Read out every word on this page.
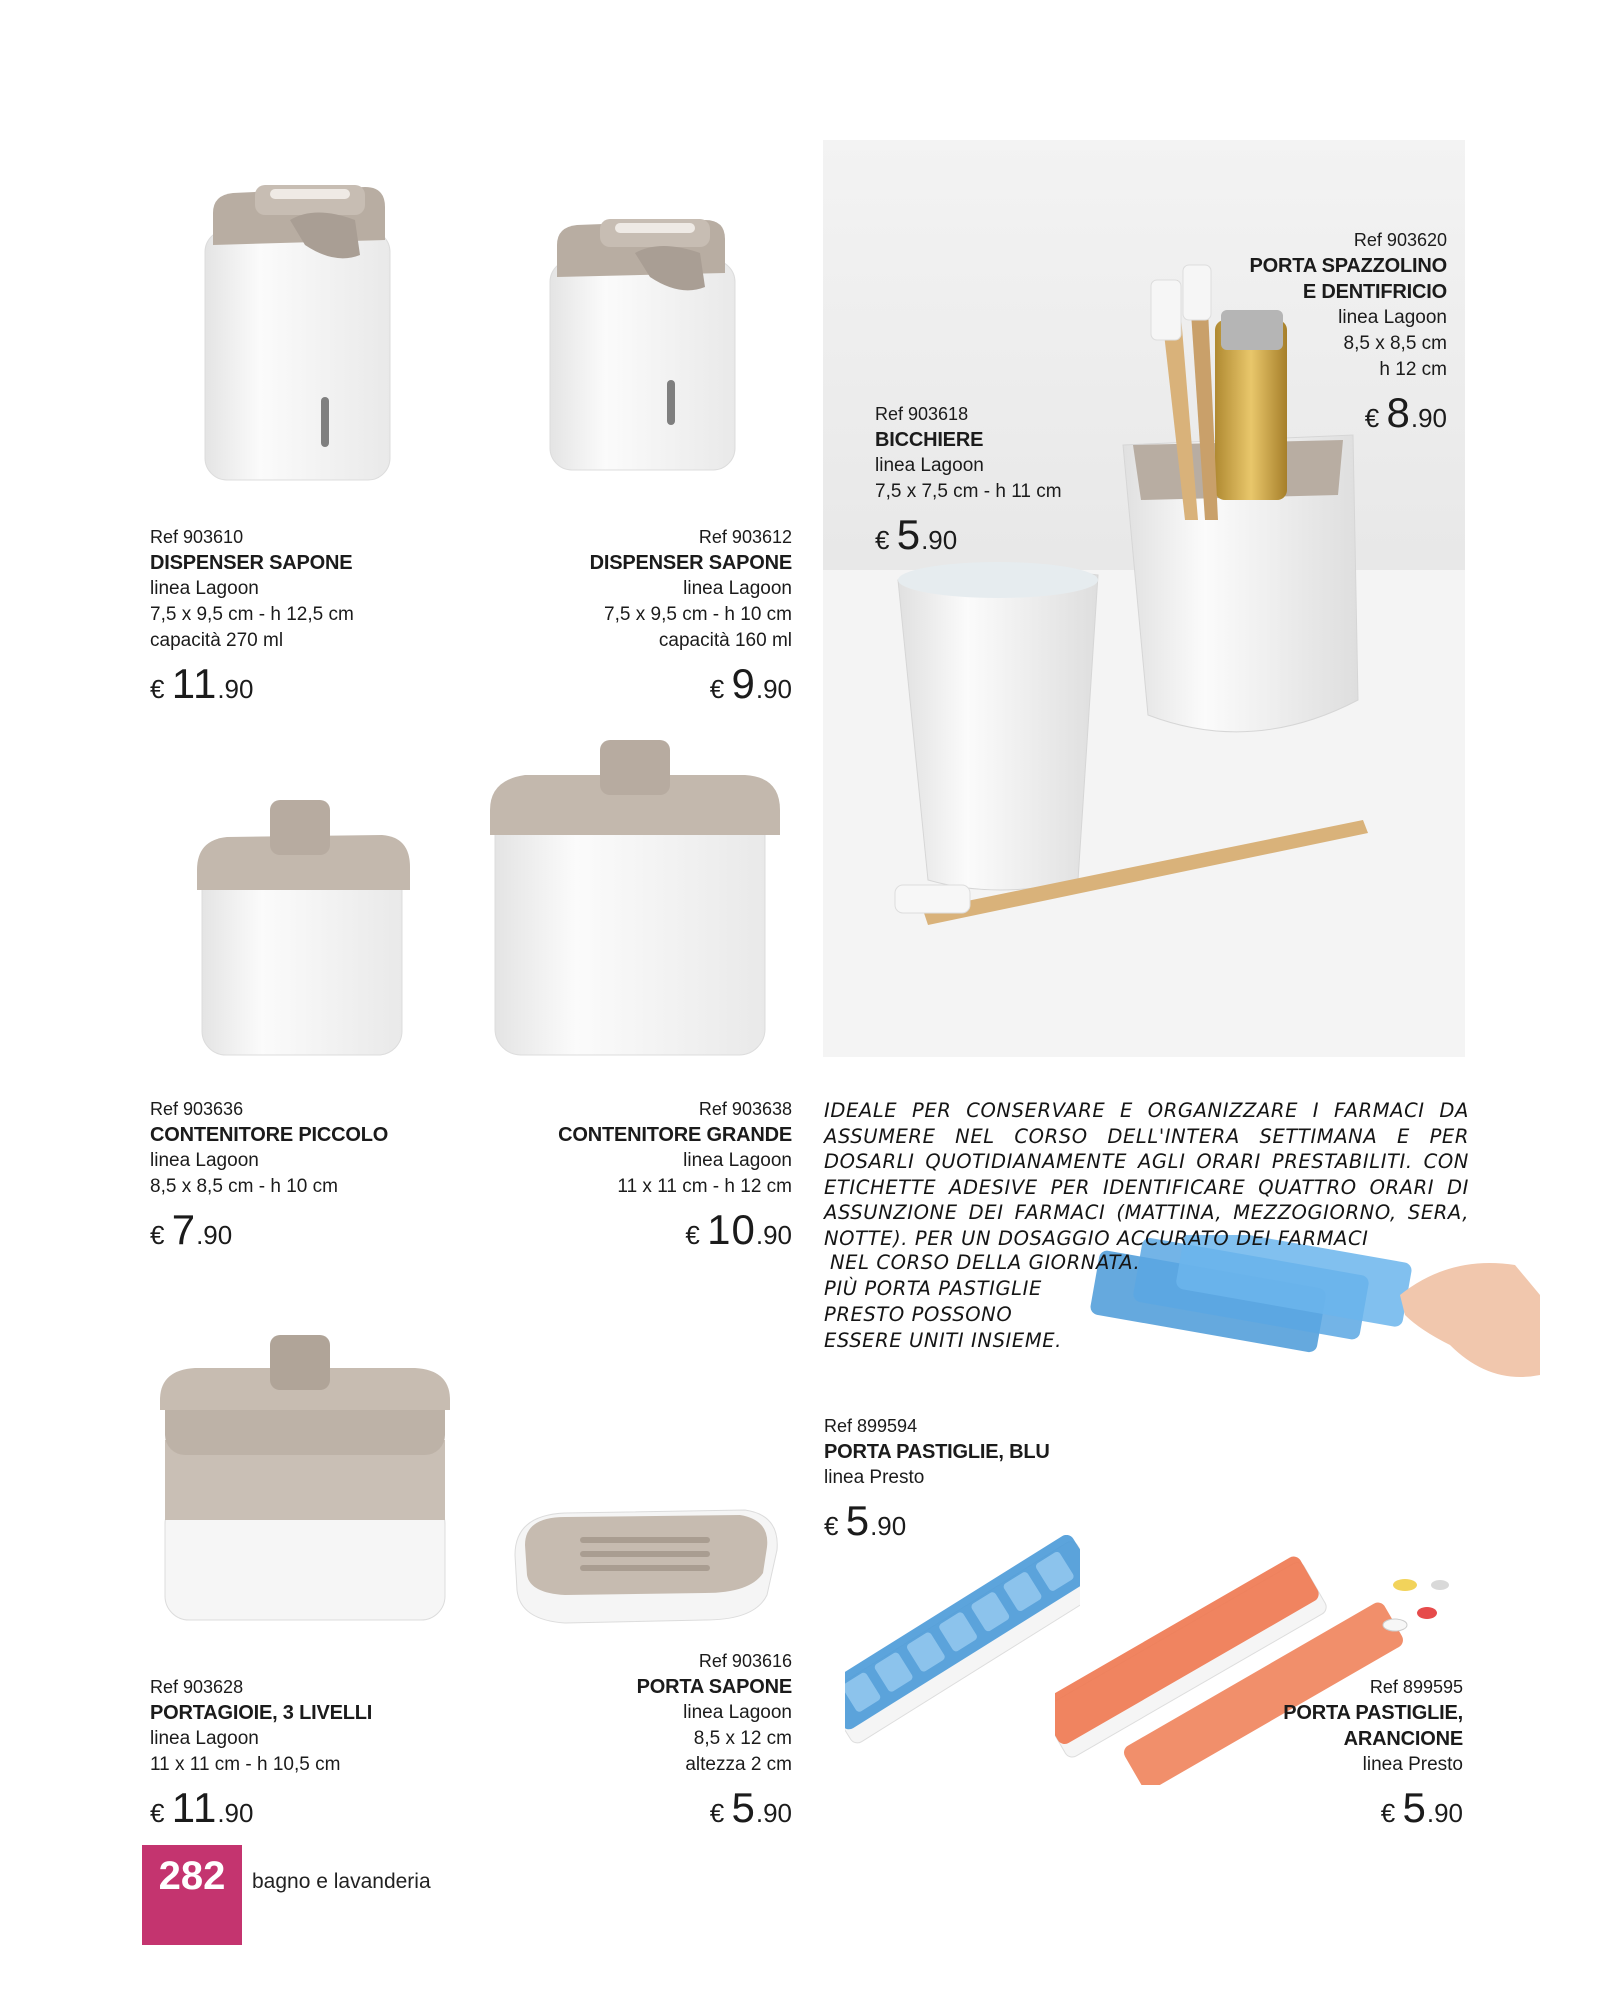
Ref 903610
DISPENSER SAPONE
linea Lagoon
7,5 x 9,5 cm - h 12,5 cm
capacità 270 ml
€ 11.90
Ref 903612
DISPENSER SAPONE
linea Lagoon
7,5 x 9,5 cm - h 10 cm
capacità 160 ml
€ 9.90
Ref 903618
BICCHIERE
linea Lagoon
7,5 x 7,5 cm - h 11 cm
€ 5.90
Ref 903620
PORTA SPAZZOLINO
E DENTIFRICIO
linea Lagoon
8,5 x 8,5 cm
h 12 cm
€ 8.90
Ref 903636
CONTENITORE PICCOLO
linea Lagoon
8,5 x 8,5 cm - h 10 cm
€ 7.90
Ref 903638
CONTENITORE GRANDE
linea Lagoon
11 x 11 cm - h 12 cm
€ 10.90
IDEALE PER CONSERVARE E ORGANIZZARE I FARMACI DA ASSUMERE NEL CORSO DELL'INTERA SETTIMANA E PER DOSARLI QUOTIDIANAMENTE AGLI ORARI PRESTABILITI. CON ETICHETTE ADESIVE PER IDENTIFICARE QUATTRO ORARI DI ASSUNZIONE DEI FARMACI (MATTINA, MEZZOGIORNO, SERA, NOTTE). PER UN DOSAGGIO ACCURATO DEI FARMACI
NEL CORSO DELLA GIORNATA.
PIÙ PORTA PASTIGLIE
PRESTO POSSONO
ESSERE UNITI INSIEME.
Ref 899594
PORTA PASTIGLIE, BLU
linea Presto
€ 5.90
Ref 903628
PORTAGIOIE, 3 LIVELLI
linea Lagoon
11 x 11 cm - h 10,5 cm
€ 11.90
Ref 903616
PORTA SAPONE
linea Lagoon
8,5 x 12 cm
altezza 2 cm
€ 5.90
Ref 899595
PORTA PASTIGLIE,
ARANCIONE
linea Presto
€ 5.90
282	bagno e lavanderia
